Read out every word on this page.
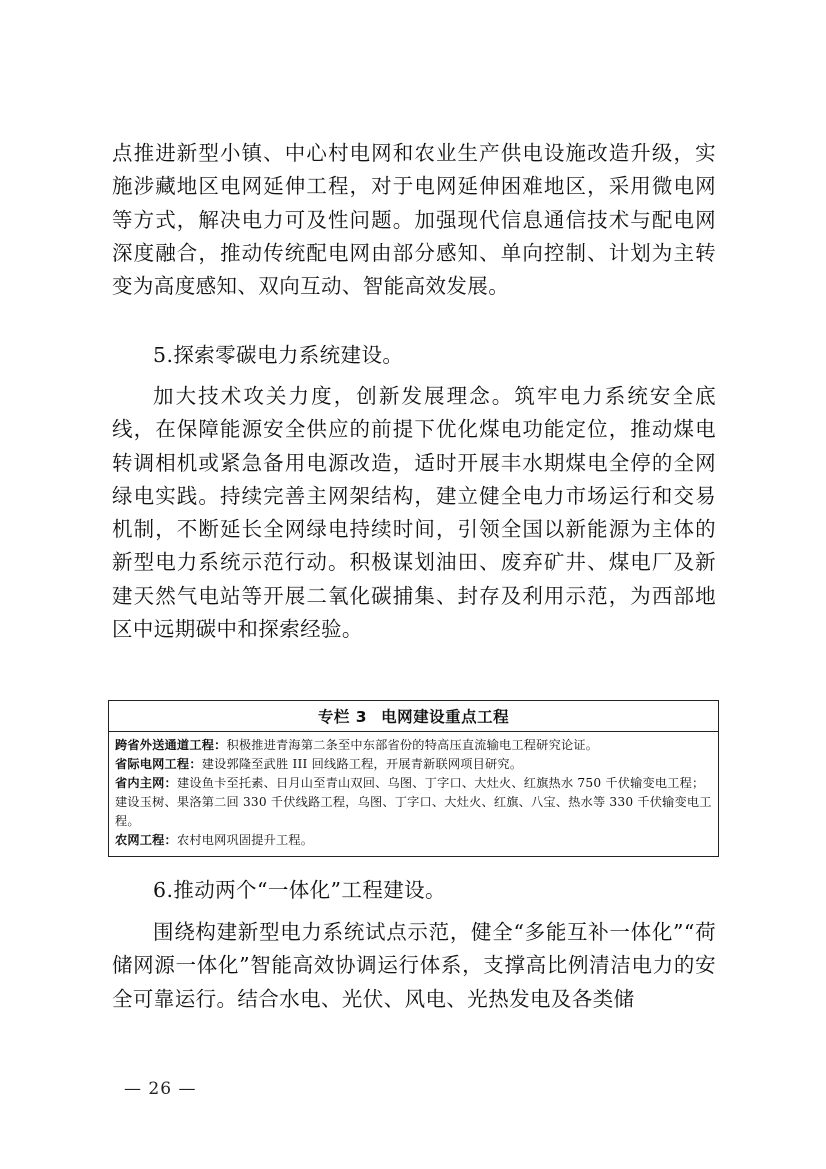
点推进新型小镇、中心村电网和农业生产供电设施改造升级，实施涉藏地区电网延伸工程，对于电网延伸困难地区，采用微电网等方式，解决电力可及性问题。加强现代信息通信技术与配电网深度融合，推动传统配电网由部分感知、单向控制、计划为主转变为高度感知、双向互动、智能高效发展。

5.探索零碳电力系统建设。

加大技术攻关力度，创新发展理念。筑牢电力系统安全底线，在保障能源安全供应的前提下优化煤电功能定位，推动煤电转调相机或紧急备用电源改造，适时开展丰水期煤电全停的全网绿电实践。持续完善主网架结构，建立健全电力市场运行和交易机制，不断延长全网绿电持续时间，引领全国以新能源为主体的新型电力系统示范行动。积极谋划油田、废弃矿井、煤电厂及新建天然气电站等开展二氧化碳捕集、封存及利用示范，为西部地区中远期碳中和探索经验。

专栏 3 电网建设重点工程

跨省外送通道工程：积极推进青海第二条至中东部省份的特高压直流输电工程研究论证。

省际电网工程：建设郭隆至武胜 III 回线路工程，开展青新联网项目研究。

省内主网：建设鱼卡至托素、日月山至青山双回、乌图、丁字口、大灶火、红旗热水 750 千伏输变电工程；建设玉树、果洛第二回 330 千伏线路工程，乌图、丁字口、大灶火、红旗、八宝、热水等 330 千伏输变电工程。

农网工程：农村电网巩固提升工程。

6.推动两个“一体化”工程建设。

围绕构建新型电力系统试点示范，健全“多能互补一体化”“荷储网源一体化”智能高效协调运行体系，支撑高比例清洁电力的安全可靠运行。结合水电、光伏、风电、光热发电及各类储

— 26 —
